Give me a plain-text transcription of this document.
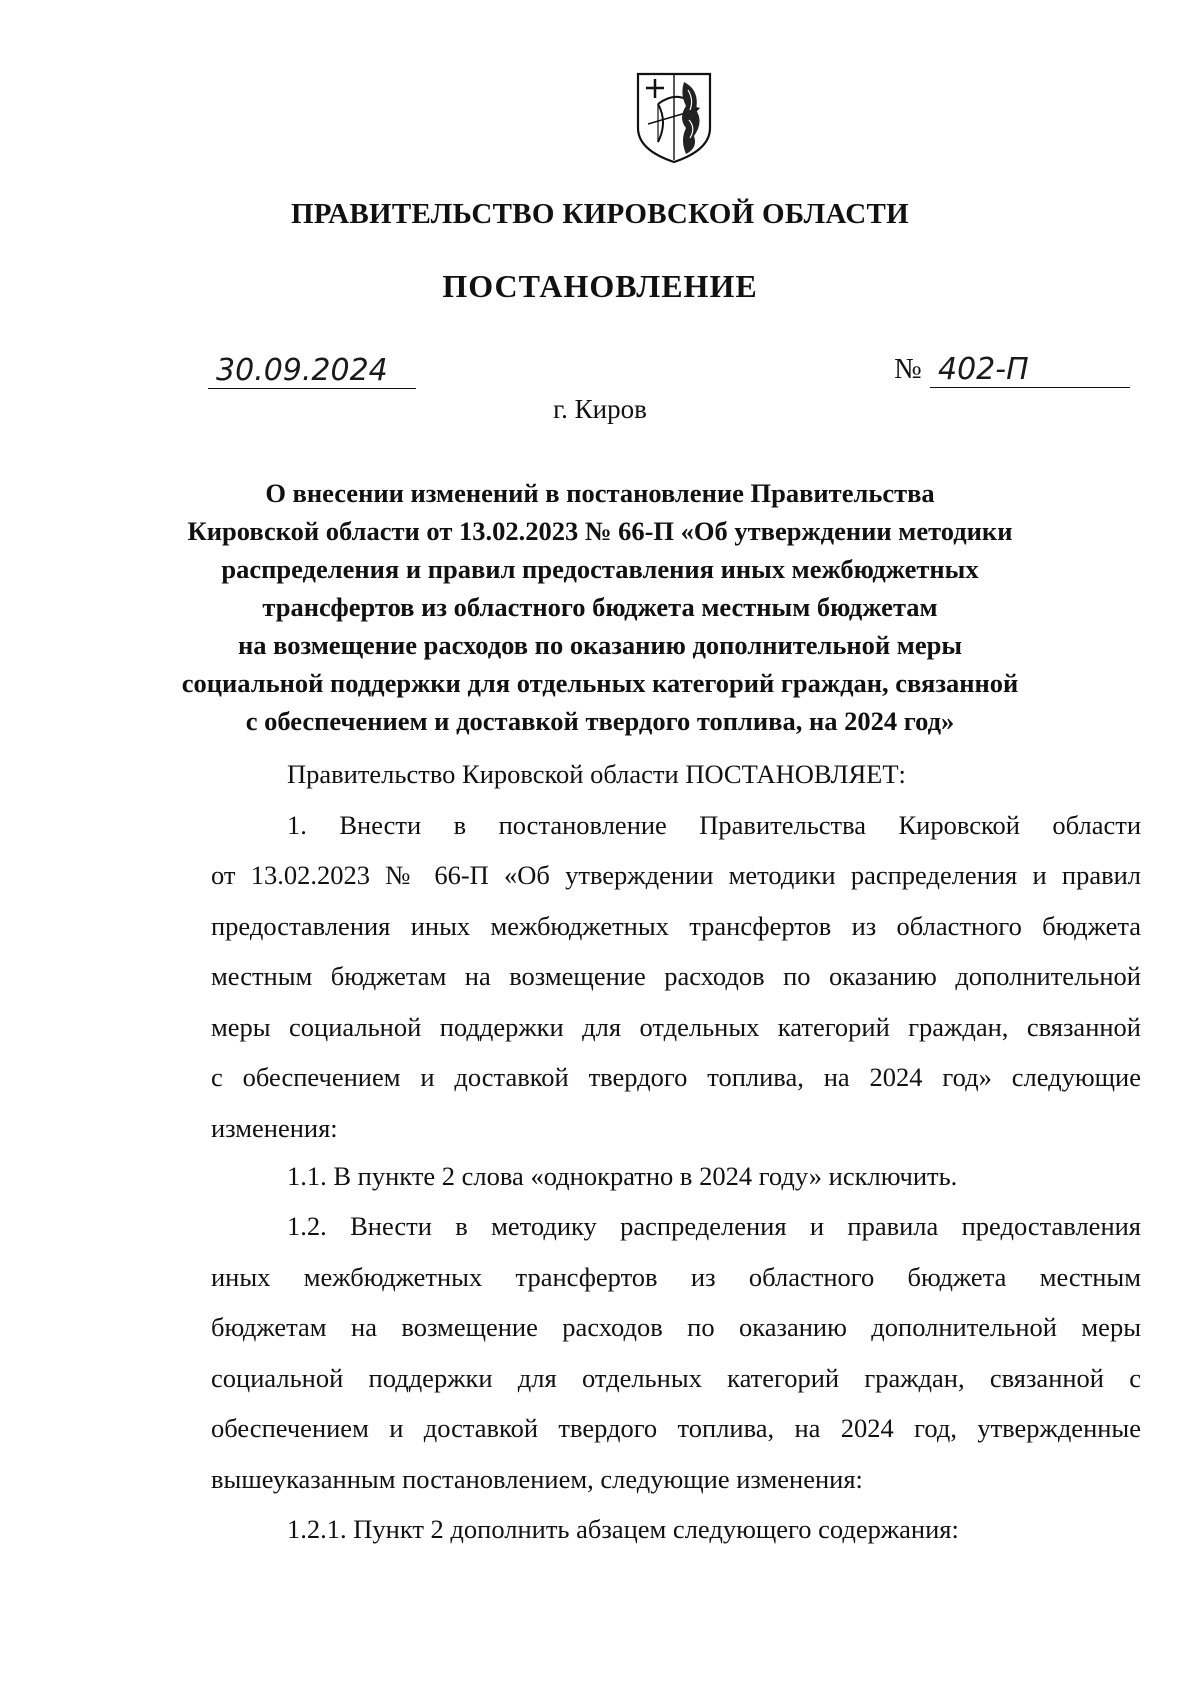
ПРАВИТЕЛЬСТВО КИРОВСКОЙ ОБЛАСТИ
ПОСТАНОВЛЕНИЕ
30.09.2024	№ 402-П
г. Киров
О внесении изменений в постановление Правительства
Кировской области от 13.02.2023 № 66-П «Об утверждении методики
распределения и правил предоставления иных межбюджетных
трансфертов из областного бюджета местным бюджетам
на возмещение расходов по оказанию дополнительной меры
социальной поддержки для отдельных категорий граждан, связанной
с обеспечением и доставкой твердого топлива, на 2024 год»
Правительство Кировской области ПОСТАНОВЛЯЕТ:
1. Внести в постановление Правительства Кировской области
от 13.02.2023 № 66-П «Об утверждении методики распределения и правил
предоставления иных межбюджетных трансфертов из областного бюджета
местным бюджетам на возмещение расходов по оказанию дополнительной
меры социальной поддержки для отдельных категорий граждан, связанной
с обеспечением и доставкой твердого топлива, на 2024 год» следующие
изменения:
1.1. В пункте 2 слова «однократно в 2024 году» исключить.
1.2. Внести в методику распределения и правила предоставления
иных межбюджетных трансфертов из областного бюджета местным
бюджетам на возмещение расходов по оказанию дополнительной меры
социальной поддержки для отдельных категорий граждан, связанной с
обеспечением и доставкой твердого топлива, на 2024 год, утвержденные
вышеуказанным постановлением, следующие изменения:
1.2.1. Пункт 2 дополнить абзацем следующего содержания:
